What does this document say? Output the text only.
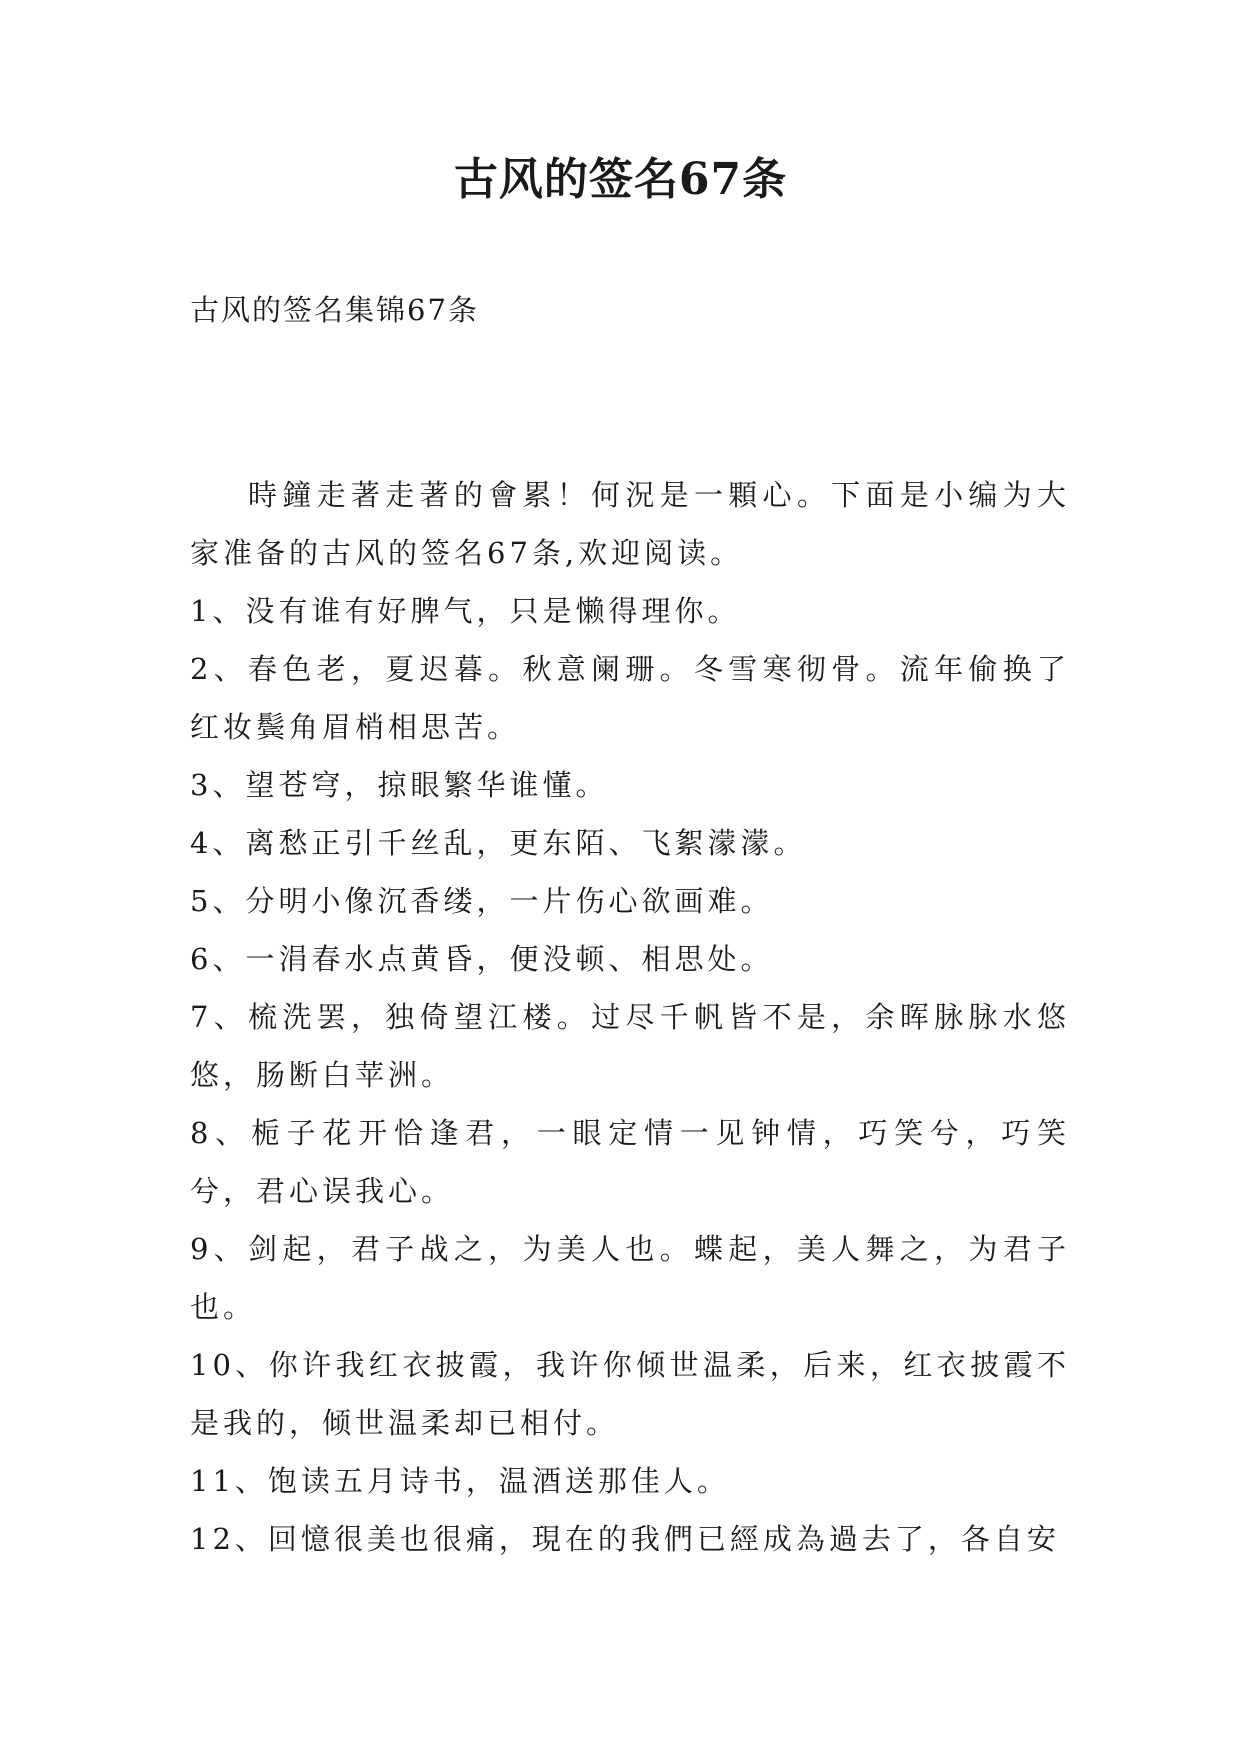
古风的签名67条

古风的签名集锦67条

時鐘走著走著的會累！何況是一顆心。下面是小编为大家准备的古风的签名67条,欢迎阅读。

1、没有谁有好脾气，只是懒得理你。

2、春色老，夏迟暮。秋意阑珊。冬雪寒彻骨。流年偷换了红妆鬓角眉梢相思苦。

3、望苍穹，掠眼繁华谁懂。

4、离愁正引千丝乱，更东陌、飞絮濛濛。

5、分明小像沉香缕，一片伤心欲画难。

6、一涓春水点黄昏，便没顿、相思处。

7、梳洗罢，独倚望江楼。过尽千帆皆不是，余晖脉脉水悠悠，肠断白苹洲。

8、栀子花开恰逢君，一眼定情一见钟情，巧笑兮，巧笑兮，君心误我心。

9、剑起，君子战之，为美人也。蝶起，美人舞之，为君子也。

10、你许我红衣披霞，我许你倾世温柔，后来，红衣披霞不是我的，倾世温柔却已相付。

11、饱读五月诗书，温酒送那佳人。

12、回憶很美也很痛，現在的我們已經成為過去了，各自安
